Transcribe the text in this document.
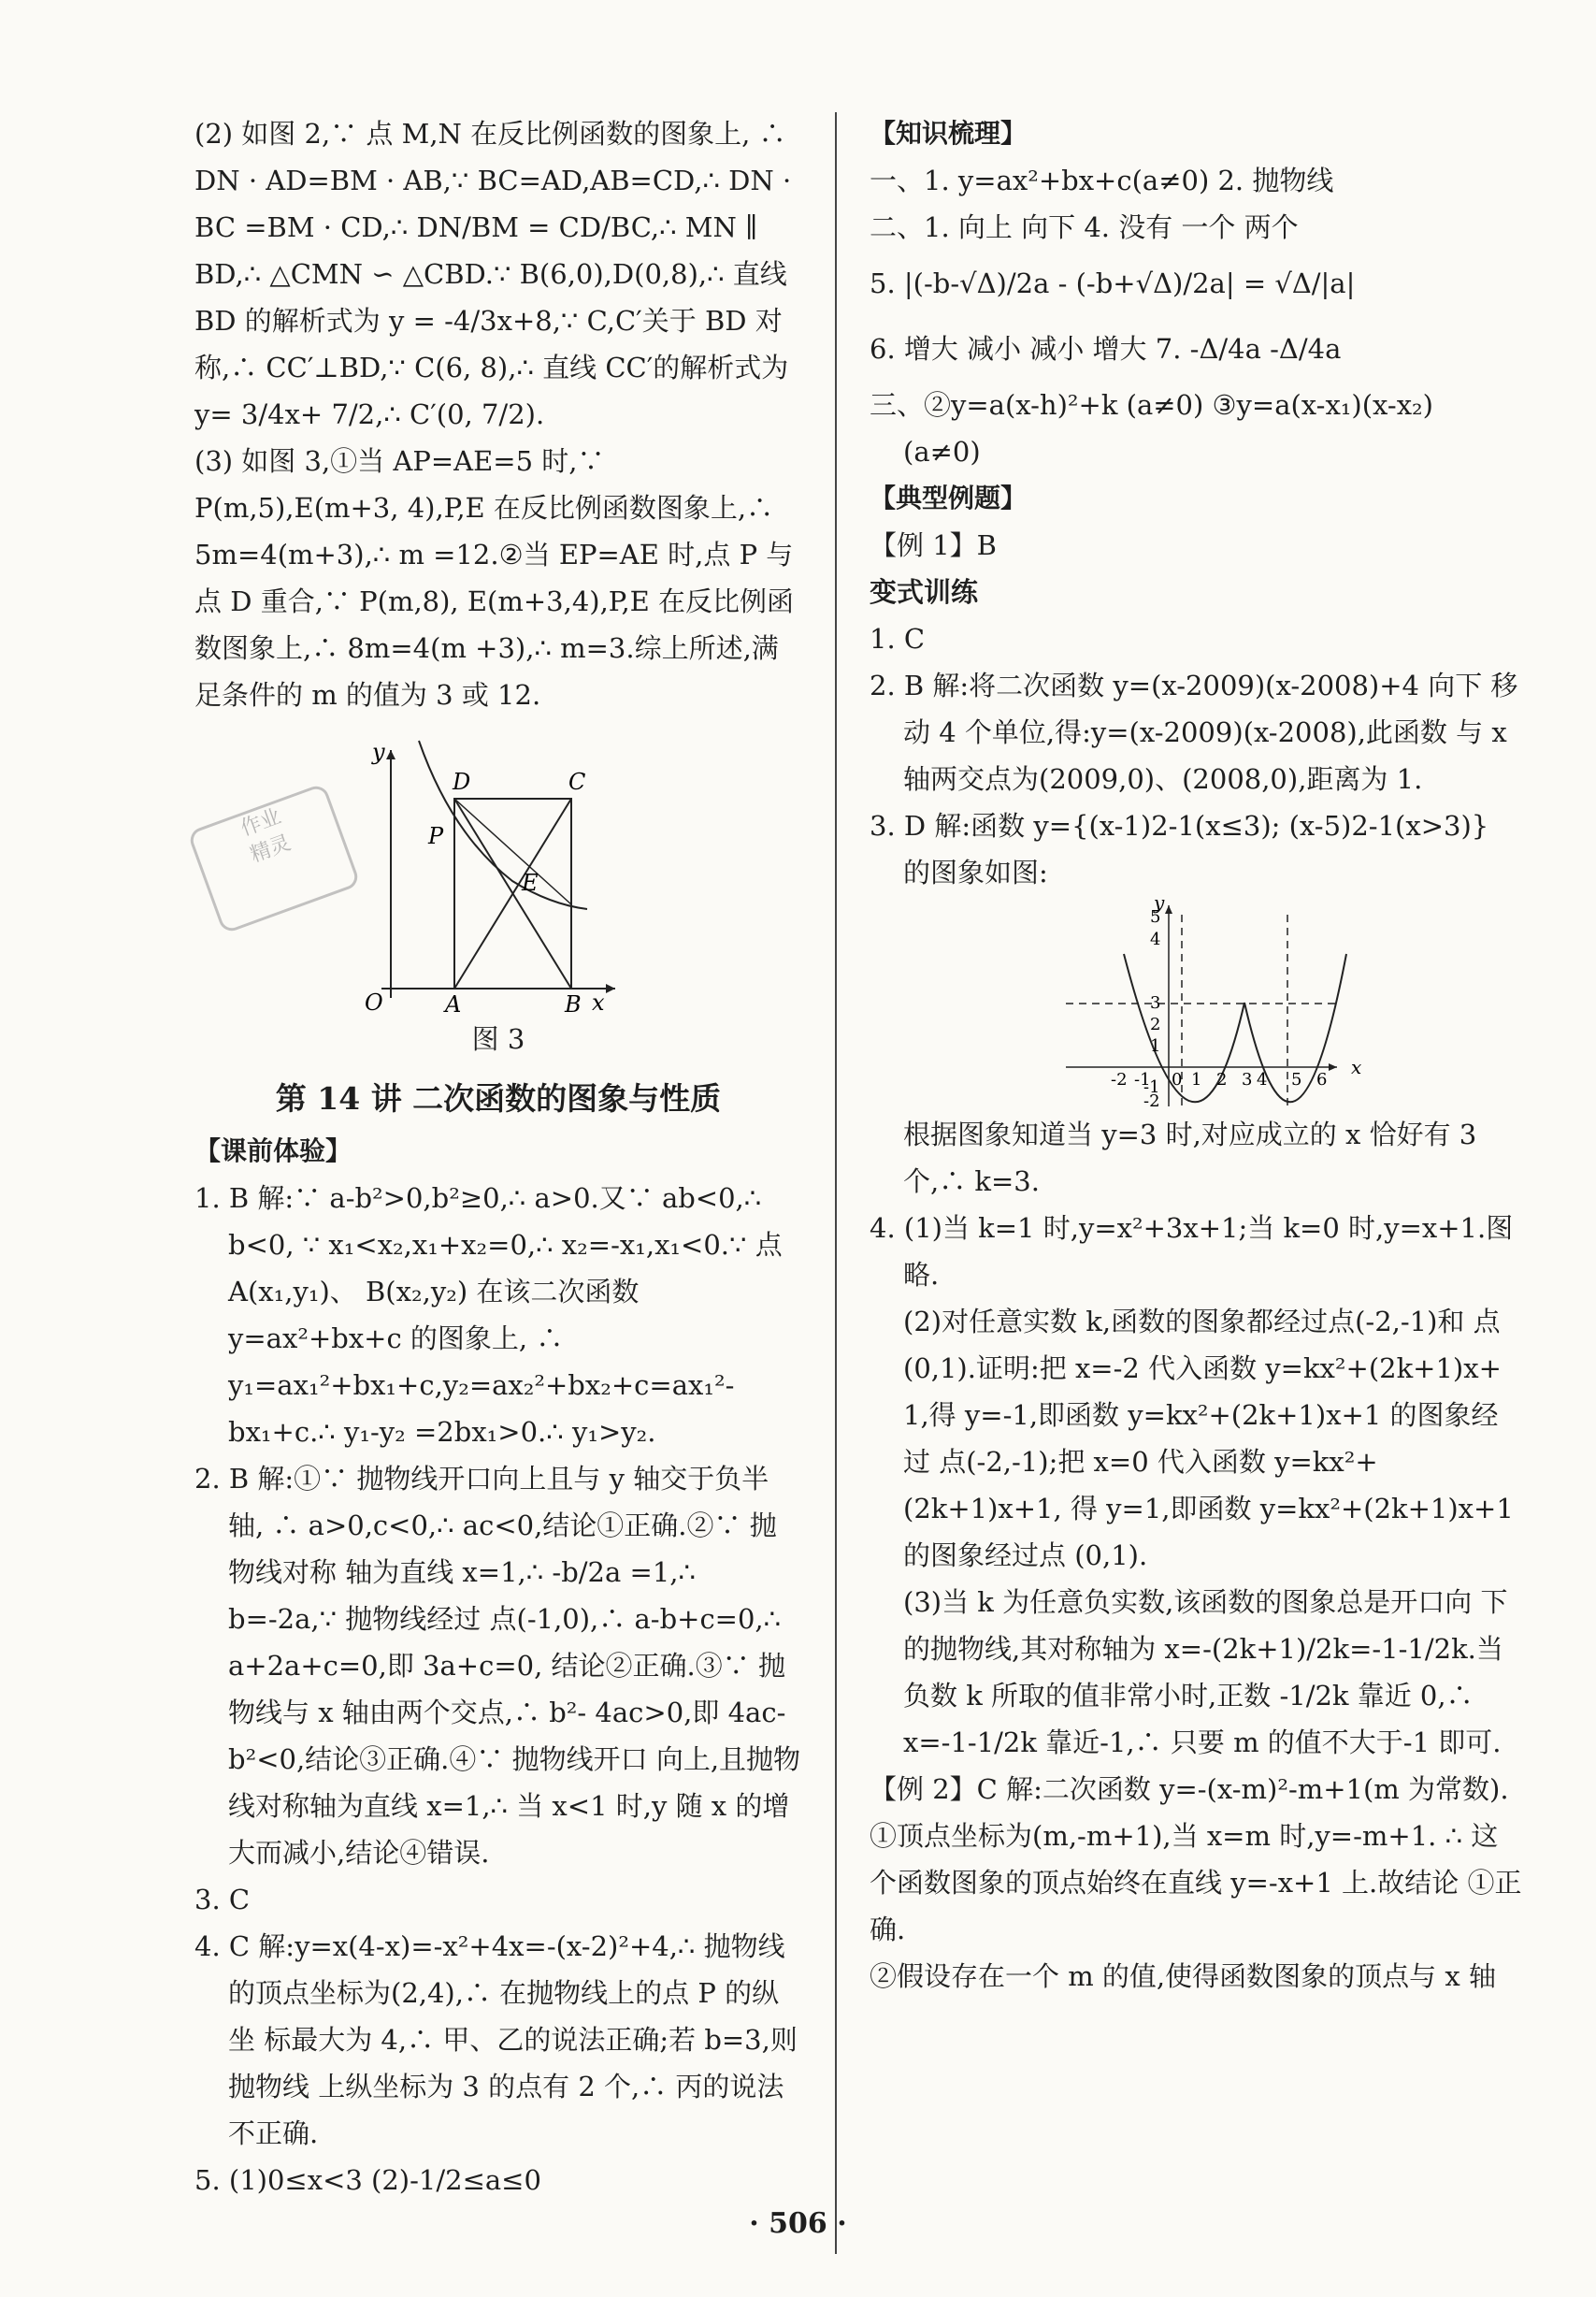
(2) 如图 2,∵ 点 M,N 在反比例函数的图象上, ∴ DN · AD=BM · AB,∵ BC=AD,AB=CD,∴ DN · BC =BM · CD,∴ DN/BM = CD/BC,∴ MN ∥ BD,∴ △CMN ∽ △CBD.∵ B(6,0),D(0,8),∴ 直线 BD 的解析式为 y = -4/3x+8,∵ C,C′关于 BD 对称,∴ CC′⊥BD,∵ C(6, 8),∴ 直线 CC′的解析式为 y= 3/4x+ 7/2,∴ C′(0, 7/2).

(3) 如图 3,①当 AP=AE=5 时,∵ P(m,5),E(m+3, 4),P,E 在反比例函数图象上,∴ 5m=4(m+3),∴ m =12.②当 EP=AE 时,点 P 与点 D 重合,∵ P(m,8), E(m+3,4),P,E 在反比例函数图象上,∴ 8m=4(m +3),∴ m=3.综上所述,满足条件的 m 的值为 3 或 12.

y
x
O	A	B
C
D
P
E

图 3

第 14 讲 二次函数的图象与性质

【课前体验】

1. B 解:∵ a-b²>0,b²≥0,∴ a>0.又∵ ab<0,∴ b<0, ∵ x₁<x₂,x₁+x₂=0,∴ x₂=-x₁,x₁<0.∵ 点 A(x₁,y₁)、 B(x₂,y₂) 在该二次函数 y=ax²+bx+c 的图象上, ∴ y₁=ax₁²+bx₁+c,y₂=ax₂²+bx₂+c=ax₁²-bx₁+c.∴ y₁-y₂ =2bx₁>0.∴ y₁>y₂.

2. B 解:①∵ 抛物线开口向上且与 y 轴交于负半轴, ∴ a>0,c<0,∴ ac<0,结论①正确.②∵ 抛物线对称 轴为直线 x=1,∴ -b/2a =1,∴ b=-2a,∵ 抛物线经过 点(-1,0),∴ a-b+c=0,∴ a+2a+c=0,即 3a+c=0, 结论②正确.③∵ 抛物线与 x 轴由两个交点,∴ b²- 4ac>0,即 4ac-b²<0,结论③正确.④∵ 抛物线开口 向上,且抛物线对称轴为直线 x=1,∴ 当 x<1 时,y 随 x 的增大而减小,结论④错误.

3. C

4. C 解:y=x(4-x)=-x²+4x=-(x-2)²+4,∴ 抛物线 的顶点坐标为(2,4),∴ 在抛物线上的点 P 的纵坐 标最大为 4,∴ 甲、乙的说法正确;若 b=3,则抛物线 上纵坐标为 3 的点有 2 个,∴ 丙的说法不正确.

5. (1)0≤x<3 (2)-1/2≤a≤0

作业
精灵

【知识梳理】

一、1. y=ax²+bx+c(a≠0) 2. 抛物线

二、1. 向上 向下 4. 没有 一个 两个

5. |(-b-√Δ)/2a - (-b+√Δ)/2a| = √Δ/|a|

6. 增大 减小 减小 增大 7. -Δ/4a -Δ/4a

三、②y=a(x-h)²+k (a≠0) ③y=a(x-x₁)(x-x₂)

(a≠0)

【典型例题】

【例 1】B

变式训练

1. C

2. B 解:将二次函数 y=(x-2009)(x-2008)+4 向下 移动 4 个单位,得:y=(x-2009)(x-2008),此函数 与 x 轴两交点为(2009,0)、(2008,0),距离为 1.

3. D 解:函数 y={(x-1)2-1(x≤3); (x-5)2-1(x>3)} 的图象如图:

5
4
3
2
1
-1
-2
-2 -1 0 1 2 3 4 5 6
x
y

根据图象知道当 y=3 时,对应成立的 x 恰好有 3 个,∴ k=3.

4. (1)当 k=1 时,y=x²+3x+1;当 k=0 时,y=x+1.图略.

(2)对任意实数 k,函数的图象都经过点(-2,-1)和 点(0,1).证明:把 x=-2 代入函数 y=kx²+(2k+1)x+ 1,得 y=-1,即函数 y=kx²+(2k+1)x+1 的图象经过 点(-2,-1);把 x=0 代入函数 y=kx²+(2k+1)x+1, 得 y=1,即函数 y=kx²+(2k+1)x+1 的图象经过点 (0,1).

(3)当 k 为任意负实数,该函数的图象总是开口向 下的抛物线,其对称轴为 x=-(2k+1)/2k=-1-1/2k.当负数 k 所取的值非常小时,正数 -1/2k 靠近 0,∴ x=-1-1/2k 靠近-1,∴ 只要 m 的值不大于-1 即可.

【例 2】C 解:二次函数 y=-(x-m)²-m+1(m 为常数).

①顶点坐标为(m,-m+1),当 x=m 时,y=-m+1. ∴ 这个函数图象的顶点始终在直线 y=-x+1 上.故结论 ①正确.

②假设存在一个 m 的值,使得函数图象的顶点与 x 轴

· 506 ·
